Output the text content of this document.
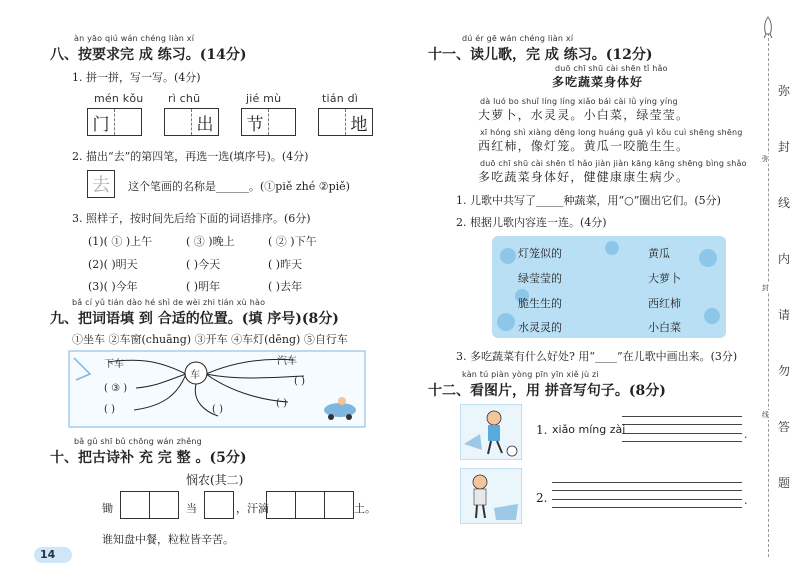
àn yāo qiú wán chéng liàn xí
八、按要求完 成 练习。(14分)
1. 拼一拼，写一写。(4分)
mén kǒu
门
rì chū
出
jié mù
节
tián dì
地
2. 描出“去”的第四笔，再选一选(填序号)。(4分)
去	这个笔画的名称是______。(①piě zhé ②piě)
3. 照样子，按时间先后给下面的词语排序。(6分)
(1)( ① )上午	( ③ )晚上	( ② )下午
(2)( )明天	( )今天	( )昨天
(3)( )今年	( )明年	( )去年
bǎ cí yǔ tián dào hé shì de wèi zhi tián xù hào
九、把词语填 到 合适的位置。(填 序号)(8分)
①坐车 ②车窗(chuāng) ③开车 ④车灯(dēng) ⑤自行车
下车
车
汽车
( ③ )
( )	( )
( )
( )
bǎ gǔ shī bǔ chōng wán zhěng
十、把古诗补 充 完 整 。(5分)
悯农(其二)
锄	当	，汗滴	土。
谁知盘中餐，粒粒皆辛苦。
14
dú ér gē wán chéng liàn xí
十一、读儿歌，完 成 练习。(12分)
duō chī shū cài shēn tǐ hǎo
多吃蔬菜身体好
dà luó bo shuǐ líng líng xiǎo bái cài lǜ yíng yíng
大萝卜，水灵灵。小白菜，绿莹莹。
xī hóng shì xiàng dēng long huáng guā yì kǒu cuì shēng shēng
西红柿，像灯笼。黄瓜一咬脆生生。
duō chī shū cài shēn tǐ hǎo jiàn jiàn kāng kāng shēng bìng shǎo
多吃蔬菜身体好，健健康康生病少。
1. 儿歌中共写了_____种蔬菜，用“○”圈出它们。(5分)
2. 根据儿歌内容连一连。(4分)
灯笼似的
绿莹莹的
脆生生的
水灵灵的
黄瓜
大萝卜
西红柿
小白菜
3. 多吃蔬菜有什么好处? 用“____”在儿歌中画出来。(3分)
kàn tú piàn yòng pīn yīn xiě jù zi
十二、看图片，用 拼音写句子。(8分)
1. xiǎo míng zài	.
2.	.
弥
封
线
内
请
勿
答
题
弥
封
线
